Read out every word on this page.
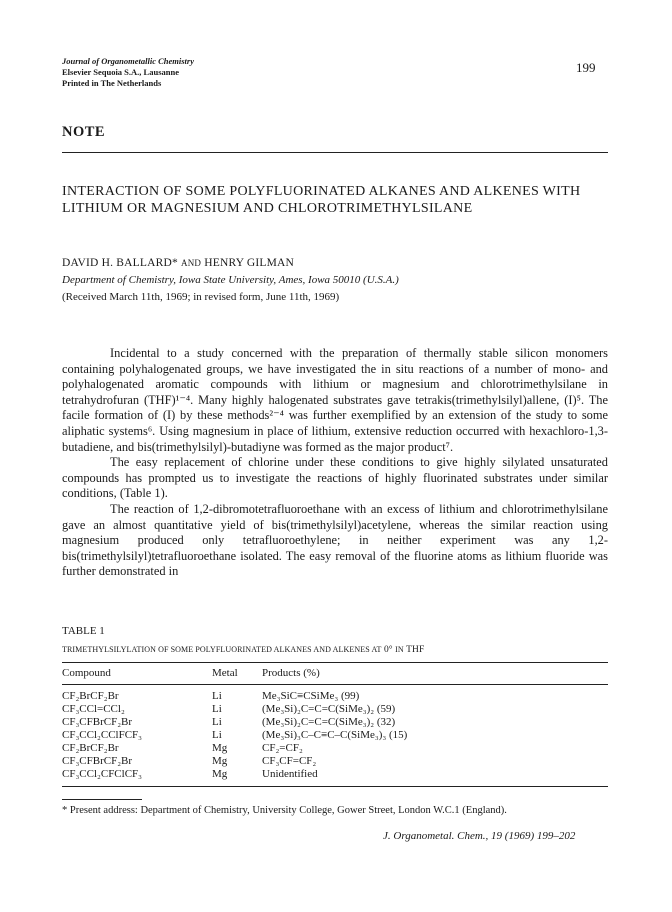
Journal of Organometallic Chemistry
Elsevier Sequoia S.A., Lausanne
Printed in The Netherlands
199
NOTE
INTERACTION OF SOME POLYFLUORINATED ALKANES AND ALKENES WITH LITHIUM OR MAGNESIUM AND CHLOROTRIMETHYLSILANE
DAVID H. BALLARD* AND HENRY GILMAN
Department of Chemistry, Iowa State University, Ames, Iowa 50010 (U.S.A.)
(Received March 11th, 1969; in revised form, June 11th, 1969)

Incidental to a study concerned with the preparation of thermally stable silicon monomers containing polyhalogenated groups, we have investigated the in situ reactions of a number of mono- and polyhalogenated aromatic compounds with lithium or magnesium and chlorotrimethylsilane in tetrahydrofuran (THF)¹⁻⁴. Many highly halogenated substrates gave tetrakis(trimethylsilyl)allene, (I)⁵. The facile formation of (I) by these methods²⁻⁴ was further exemplified by an extension of the study to some aliphatic systems⁶. Using magnesium in place of lithium, extensive reduction occurred with hexachloro-1,3-butadiene, and bis(trimethylsilyl)-butadiyne was formed as the major product⁷.

The easy replacement of chlorine under these conditions to give highly silylated unsaturated compounds has prompted us to investigate the reactions of highly fluorinated substrates under similar conditions, (Table 1).

The reaction of 1,2-dibromotetrafluoroethane with an excess of lithium and chlorotrimethylsilane gave an almost quantitative yield of bis(trimethylsilyl)acetylene, whereas the similar reaction using magnesium produced only tetrafluoroethylene; in neither experiment was any 1,2-bis(trimethylsilyl)tetrafluoroethane isolated. The easy removal of the fluorine atoms as lithium fluoride was further demonstrated in

TABLE 1
TRIMETHYLSILYLATION OF SOME POLYFLUORINATED ALKANES AND ALKENES AT 0° IN THF
Compound	Metal Products (%)
CF₂BrCF₂Br	Li	Me₃SiC≡CSiMe₃ (99)
CF₃CCl=CCl₂	Li	(Me₃Si)₂C=C=C(SiMe₃)₂ (59)
CF₃CFBrCF₂Br	Li	(Me₃Si)₂C=C=C(SiMe₃)₂ (32)
CF₃CCl₂CClFCF₃	Li	(Me₃Si)₃C–C≡C–C(SiMe₃)₃ (15)
CF₂BrCF₂Br	Mg	CF₂=CF₂
CF₃CFBrCF₂Br	Mg	CF₃CF=CF₂
CF₃CCl₂CFClCF₃	Mg	Unidentified
* Present address: Department of Chemistry, University College, Gower Street, London W.C.1 (England).
J. Organometal. Chem., 19 (1969) 199–202
